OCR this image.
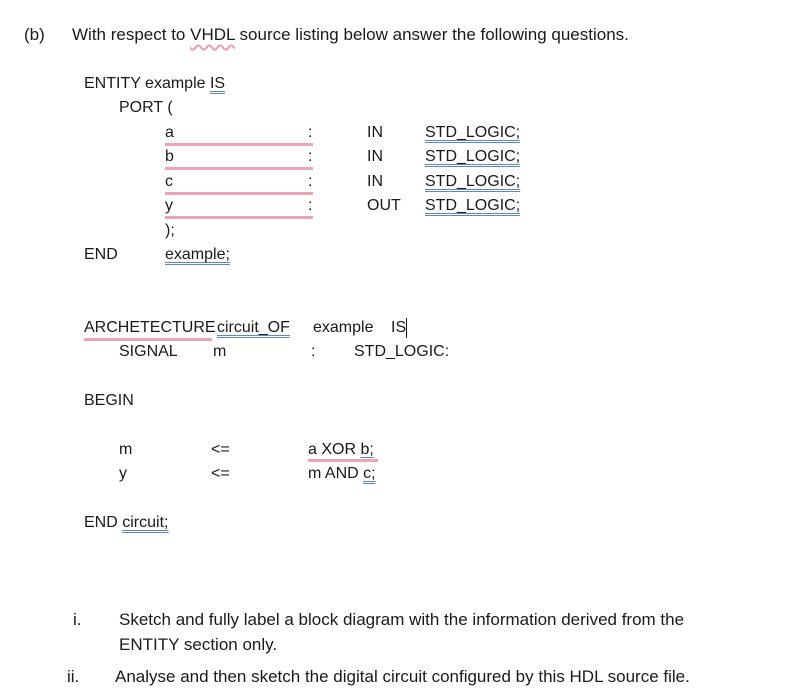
(b) With respect to VHDL source listing below answer the following questions.
ENTITY example IS
PORT (
a	:	IN	STD_LOGIC;
b	:	IN	STD_LOGIC;
c	:	IN	STD_LOGIC;
y	:	OUT STD_LOGIC;
);
END	example;
ARCHETECTURE circuit_OF example IS
SIGNAL m	: STD_LOGIC:
BEGIN
m	<=	a XOR b;
y	<=	m AND c;
END circuit;
i. Sketch and fully label a block diagram with the information derived from the
ENTITY section only.
ii. Analyse and then sketch the digital circuit configured by this HDL source file.
